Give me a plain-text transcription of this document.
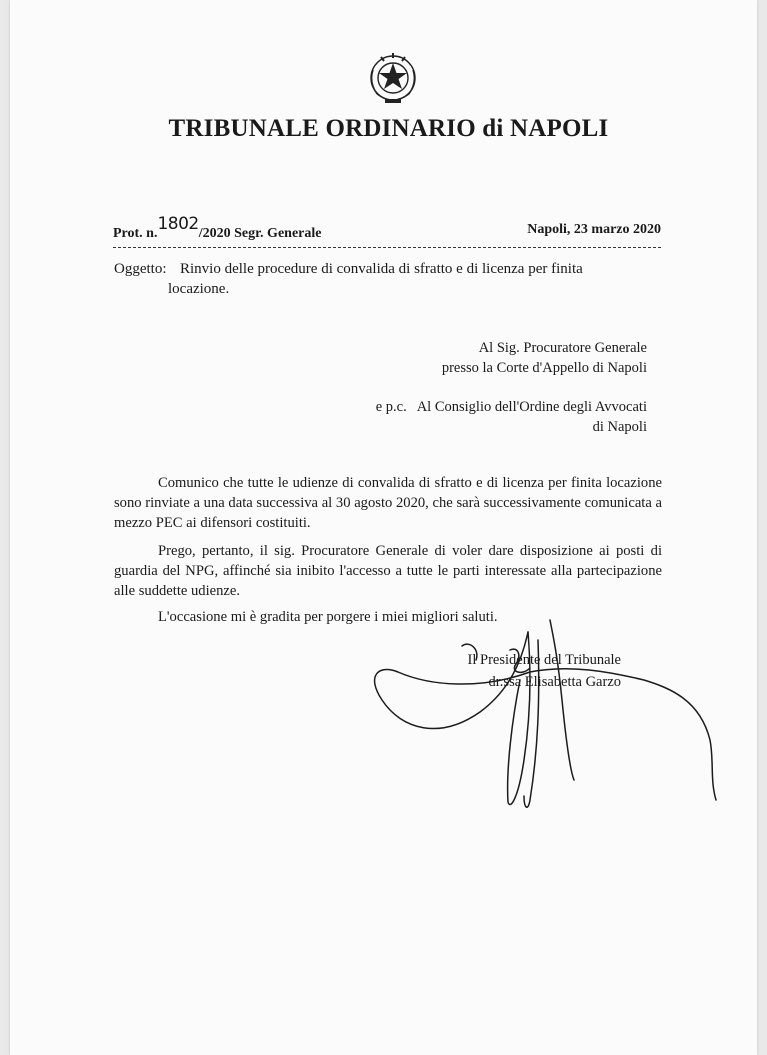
TRIBUNALE ORDINARIO di NAPOLI
Prot. n.1802/2020 Segr. Generale	Napoli, 23 marzo 2020
Oggetto: Rinvio delle procedure di convalida di sfratto e di licenza per finita
locazione.
Al Sig. Procuratore Generale
presso la Corte d'Appello di Napoli
e p.c. Al Consiglio dell'Ordine degli Avvocati
di Napoli
Comunico che tutte le udienze di convalida di sfratto e di licenza per finita locazione sono rinviate a una data successiva al 30 agosto 2020, che sarà successivamente comunicata a mezzo PEC ai difensori costituiti.
Prego, pertanto, il sig. Procuratore Generale di voler dare disposizione ai posti di guardia del NPG, affinché sia inibito l'accesso a tutte le parti interessate alla partecipazione alle suddette udienze.
L'occasione mi è gradita per porgere i miei migliori saluti.
Il Presidente del Tribunale
dr.ssa Elisabetta Garzo
